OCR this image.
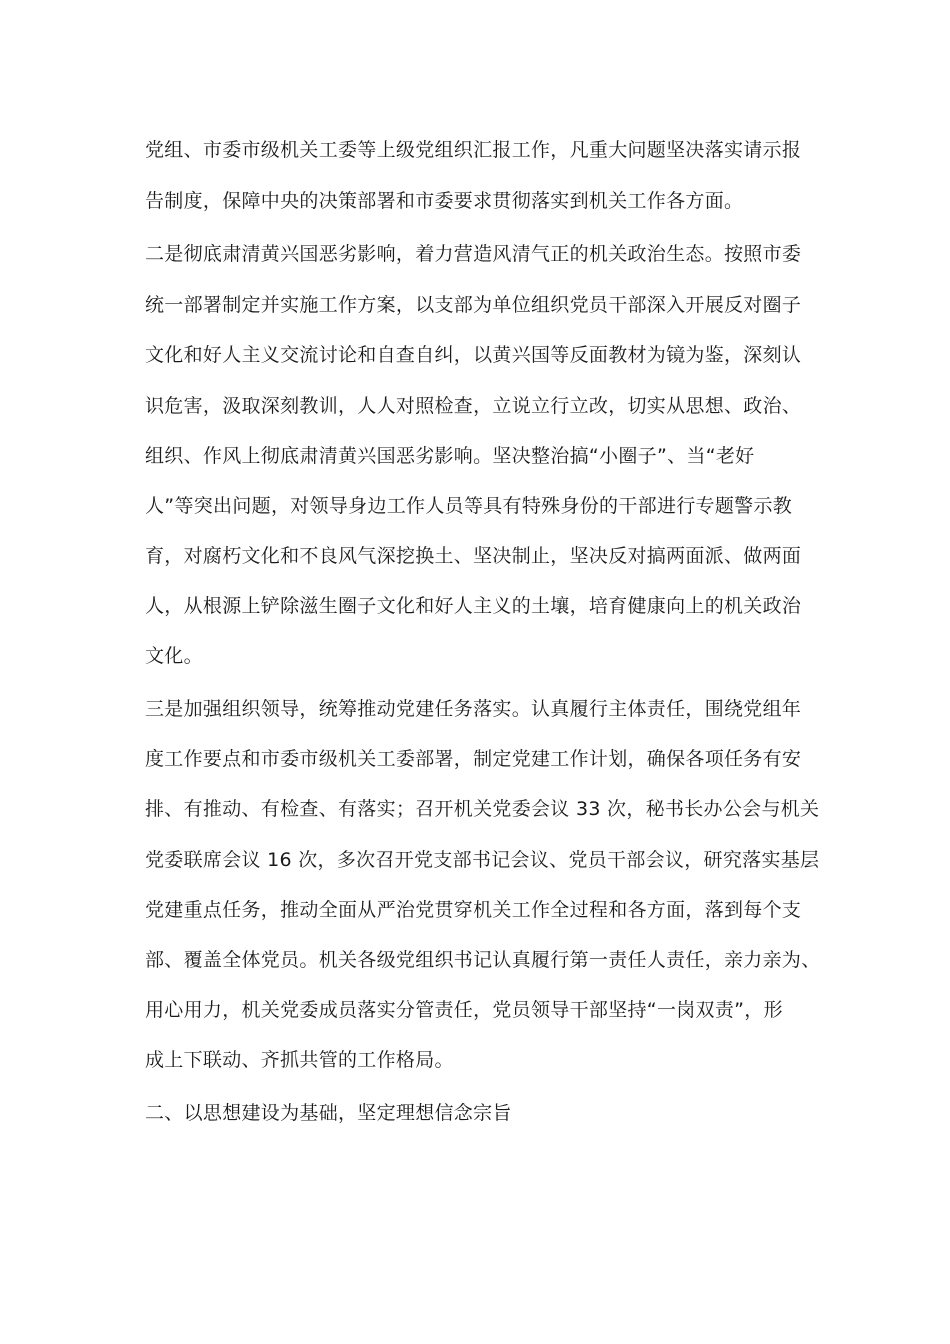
党组、市委市级机关工委等上级党组织汇报工作，凡重大问题坚决落实请示报
告制度，保障中央的决策部署和市委要求贯彻落实到机关工作各方面。
二是彻底肃清黄兴国恶劣影响，着力营造风清气正的机关政治生态。按照市委
统一部署制定并实施工作方案，以支部为单位组织党员干部深入开展反对圈子
文化和好人主义交流讨论和自查自纠，以黄兴国等反面教材为镜为鉴，深刻认
识危害，汲取深刻教训，人人对照检查，立说立行立改，切实从思想、政治、
组织、作风上彻底肃清黄兴国恶劣影响。坚决整治搞“小圈子”、当“老好
人”等突出问题，对领导身边工作人员等具有特殊身份的干部进行专题警示教
育，对腐朽文化和不良风气深挖换土、坚决制止，坚决反对搞两面派、做两面
人，从根源上铲除滋生圈子文化和好人主义的土壤，培育健康向上的机关政治
文化。
三是加强组织领导，统筹推动党建任务落实。认真履行主体责任，围绕党组年
度工作要点和市委市级机关工委部署，制定党建工作计划，确保各项任务有安
排、有推动、有检查、有落实；召开机关党委会议 33 次，秘书长办公会与机关
党委联席会议 16 次，多次召开党支部书记会议、党员干部会议，研究落实基层
党建重点任务，推动全面从严治党贯穿机关工作全过程和各方面，落到每个支
部、覆盖全体党员。机关各级党组织书记认真履行第一责任人责任，亲力亲为、
用心用力，机关党委成员落实分管责任，党员领导干部坚持“一岗双责”，形
成上下联动、齐抓共管的工作格局。
二、以思想建设为基础，坚定理想信念宗旨
